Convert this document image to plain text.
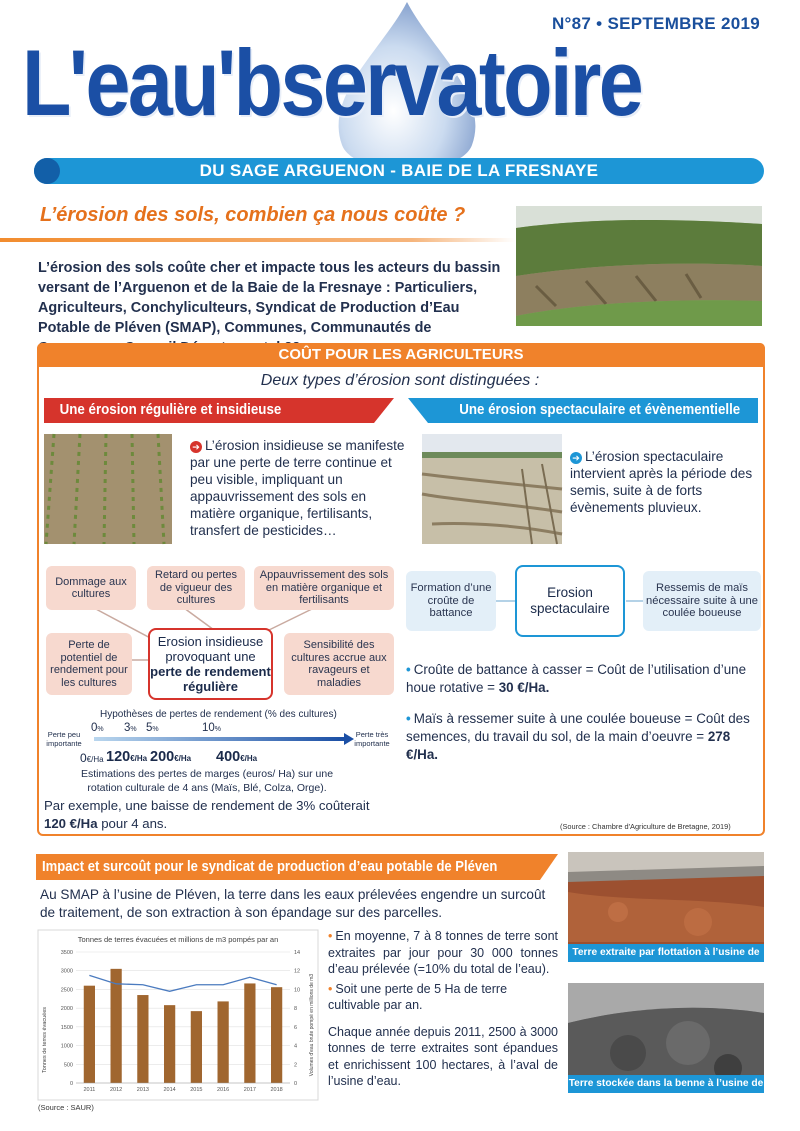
N°87 • SEPTEMBRE 2019
L'eau'bservatoire
DU SAGE ARGUENON - BAIE DE LA FRESNAYE
L’érosion des sols, combien ça nous coûte ?
L’érosion des sols coûte cher et impacte tous les acteurs du bassin versant de l’Arguenon et de la Baie de la Fresnaye : Particuliers, Agriculteurs, Conchyliculteurs, Syndicat de Production d’Eau Potable de Pléven (SMAP), Communes, Communautés de
COÛT POUR LES AGRICULTEURS
Deux types d’érosion sont distinguées :
Une érosion régulière et insidieuse	Une érosion spectaculaire et évènementielle
➔ L’érosion insidieuse se manifeste par une perte de terre continue et peu visible, impliquant un appauvrissement des sols en matière organique, fertilisants, transfert de pesticides…
➔ L’érosion spectaculaire intervient après la période des semis, suite à de forts évènements pluvieux.
Dommage aux cultures
Retard ou pertes de vigueur des cultures
Appauvrissement des sols en matière organique et fertilisants
Perte de potentiel de rendement pour les cultures
Erosion insidieuse provoquant une
perte de rendement régulière
Sensibilité des cultures accrue aux ravageurs et maladies
Hypothèses de pertes de rendement (% des cultures)
Perte peu importante
Perte très importante
0% 3% 5%	10%
0€/Ha 120€/Ha 200€/Ha 400€/Ha
Estimations des pertes de marges (euros/ Ha) sur une rotation culturale de 4 ans (Maïs, Blé, Colza, Orge).
Par exemple, une baisse de rendement de 3% coûterait 120 €/Ha pour 4 ans.
Formation d’une croûte de battance
Erosion spectaculaire
Ressemis de maïs nécessaire suite à une coulée boueuse

• Croûte de battance à casser = Coût de l’utilisation d’une houe rotative = 30 €/Ha.

• Maïs à ressemer suite à une coulée boueuse = Coût des semences, du travail du sol, de la main d’oeuvre = 278 €/Ha.

(Source : Chambre d'Agriculture de Bretagne, 2019)
Impact et surcoût pour le syndicat de production d’eau potable de Pléven
Au SMAP à l’usine de Pléven, la terre dans les eaux prélevées engendre un surcoût de traitement, de son extraction à son épandage sur des parcelles.
Tonnes de terres évacuées et millions de m3 pompés par an
Tonnes de terres évacuées	Volumes d'eau brute pompé en millions de m3
0
500
1000
1500
2000
2500
3000
3500
0
2
4
6
8
10
12
14
2011	2012	2013	2014	2015	2016	2017	2018

• En moyenne, 7 à 8 tonnes de terre sont extraites par jour pour 30 000 tonnes d’eau prélevée (=10% du total de l’eau).

• Soit une perte de 5 Ha de terre cultivable par an.

Chaque année depuis 2011, 2500 à 3000 tonnes de terre extraites sont épandues et enrichissent 100 hectares, à l’aval de l’usine d’eau.

(Source : SAUR)
Terre extraite par flottation à l’usine de Pléven
Terre stockée dans la benne à l’usine de Pléven
